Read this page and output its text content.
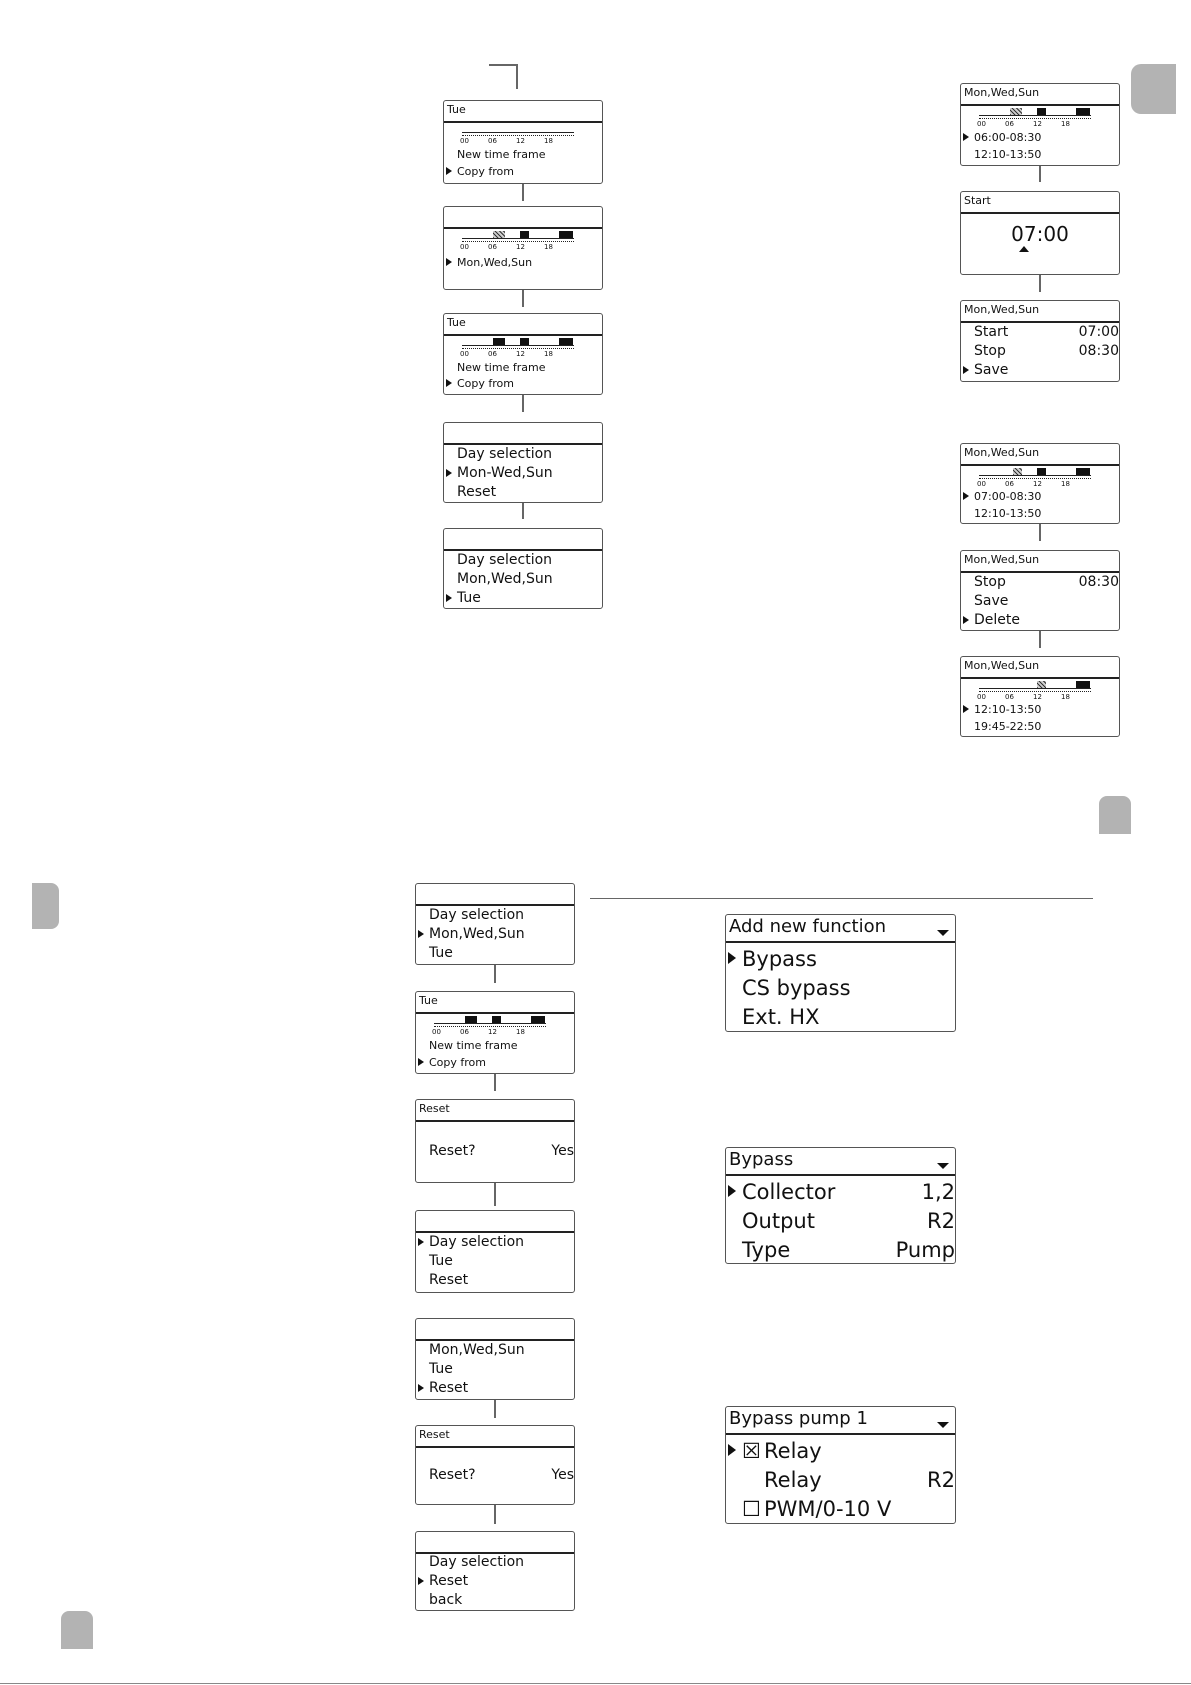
Tue
00	06	12	18
New time frame
Copy from
00	06	12	18
Mon,Wed,Sun
Tue
00	06	12	18
New time frame
Copy from
Day selection
Mon-Wed,Sun
Reset
Day selection
Mon,Wed,Sun
Tue
Mon,Wed,Sun
00	06	12	18
06:00-08:30
12:10-13:50
Start
07:00
Mon,Wed,Sun
Start	07:00
Stop	08:30
Save
Mon,Wed,Sun
00	06	12	18
07:00-08:30
12:10-13:50
Mon,Wed,Sun
Stop	08:30
Save
Delete
Mon,Wed,Sun
00	06	12	18
12:10-13:50
19:45-22:50
Day selection
Mon,Wed,Sun
Tue
Tue
00	06	12	18
New time frame
Copy from
Reset
Reset?	Yes
Day selection
Tue
Reset
Mon,Wed,Sun
Tue
Reset
Reset
Reset?	Yes
Day selection
Reset
back
Add new function
Bypass
CS bypass
Ext. HX
Bypass
Collector	1,2
Output	R2
Type	Pump
Bypass pump 1
☒ Relay
Relay	R2
☐ PWM/0-10 V
